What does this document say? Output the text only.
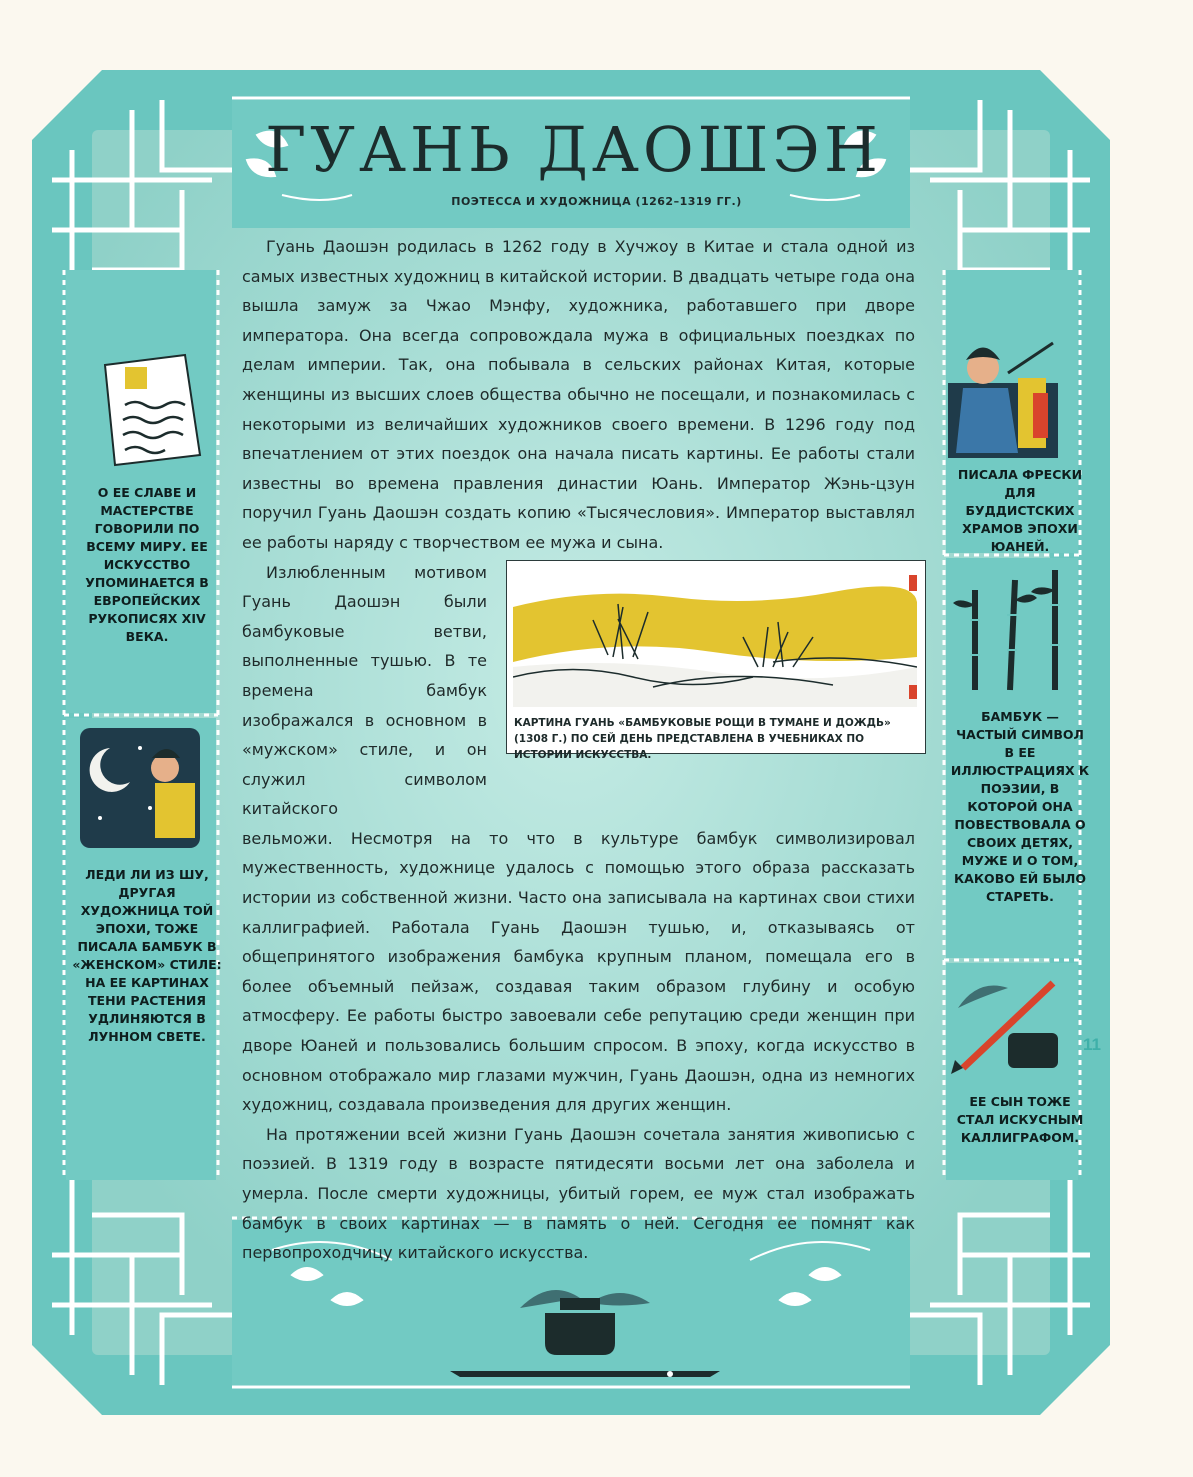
ГУАНЬ ДАОШЭН
ПОЭТЕССА И ХУДОЖНИЦА (1262–1319 ГГ.)

Гуань Даошэн родилась в 1262 году в Хучжоу в Китае и стала одной из самых известных художниц в китайской истории. В двадцать четыре года она вышла замуж за Чжао Мэнфу, художника, работавшего при дворе императора. Она всегда сопровождала мужа в официальных поездках по делам империи. Так, она побывала в сельских районах Китая, которые женщины из высших слоев общества обычно не посещали, и познакомилась с некоторыми из величайших художников своего времени. В 1296 году под впечатлением от этих поездок она начала писать картины. Ее работы стали известны во времена правления династии Юань. Император Жэнь-цзун поручил Гуань Даошэн создать копию «Тысячесловия». Император выставлял ее работы наряду с творчеством ее мужа и сына.

Излюбленным мотивом Гуань Даошэн были бамбуковые ветви, выполненные тушью. В те времена бамбук изображался в основном в «мужском» стиле, и он служил символом китайского

вельможи. Несмотря на то что в культуре бамбук символизировал мужественность, художнице удалось с помощью этого образа рассказать истории из собственной жизни. Часто она записывала на картинах свои стихи каллиграфией. Работала Гуань Даошэн тушью, и, отказываясь от общепринятого изображения бамбука крупным планом, помещала его в более объемный пейзаж, создавая таким образом глубину и особую атмосферу. Ее работы быстро завоевали себе репутацию среди женщин при дворе Юаней и пользовались большим спросом. В эпоху, когда искусство в основном отображало мир глазами мужчин, Гуань Даошэн, одна из немногих художниц, создавала произведения для других женщин.

На протяжении всей жизни Гуань Даошэн сочетала занятия живописью с поэзией. В 1319 году в возрасте пятидесяти восьми лет она заболела и умерла. После смерти художницы, убитый горем, ее муж стал изображать бамбук в своих картинах — в память о ней. Сегодня ее помнят как первопроходчицу китайского искусства.

КАРТИНА ГУАНЬ «БАМБУКОВЫЕ РОЩИ В ТУМАНЕ И ДОЖДЬ» (1308 Г.) ПО СЕЙ ДЕНЬ ПРЕДСТАВЛЕНА В УЧЕБНИКАХ ПО ИСТОРИИ ИСКУССТВА.
О ЕЕ СЛАВЕ И МАСТЕРСТВЕ ГОВОРИЛИ ПО ВСЕМУ МИРУ. ЕЕ ИСКУССТВО УПОМИНАЕТСЯ В ЕВРОПЕЙСКИХ РУКОПИСЯХ XIV ВЕКА.
ЛЕДИ ЛИ ИЗ ШУ, ДРУГАЯ ХУДОЖНИЦА ТОЙ ЭПОХИ, ТОЖЕ ПИСАЛА БАМБУК В «ЖЕНСКОМ» СТИЛЕ: НА ЕЕ КАРТИНАХ ТЕНИ РАСТЕНИЯ УДЛИНЯЮТСЯ В ЛУННОМ СВЕТЕ.
ПИСАЛА ФРЕСКИ ДЛЯ БУДДИСТСКИХ ХРАМОВ ЭПОХИ ЮАНЕЙ.
БАМБУК — ЧАСТЫЙ СИМВОЛ В ЕЕ ИЛЛЮСТРАЦИЯХ К ПОЭЗИИ, В КОТОРОЙ ОНА ПОВЕСТВОВАЛА О СВОИХ ДЕТЯХ, МУЖЕ И О ТОМ, КАКОВО ЕЙ БЫЛО СТАРЕТЬ.
ЕЕ СЫН ТОЖЕ СТАЛ ИСКУСНЫМ КАЛЛИГРАФОМ.
11
